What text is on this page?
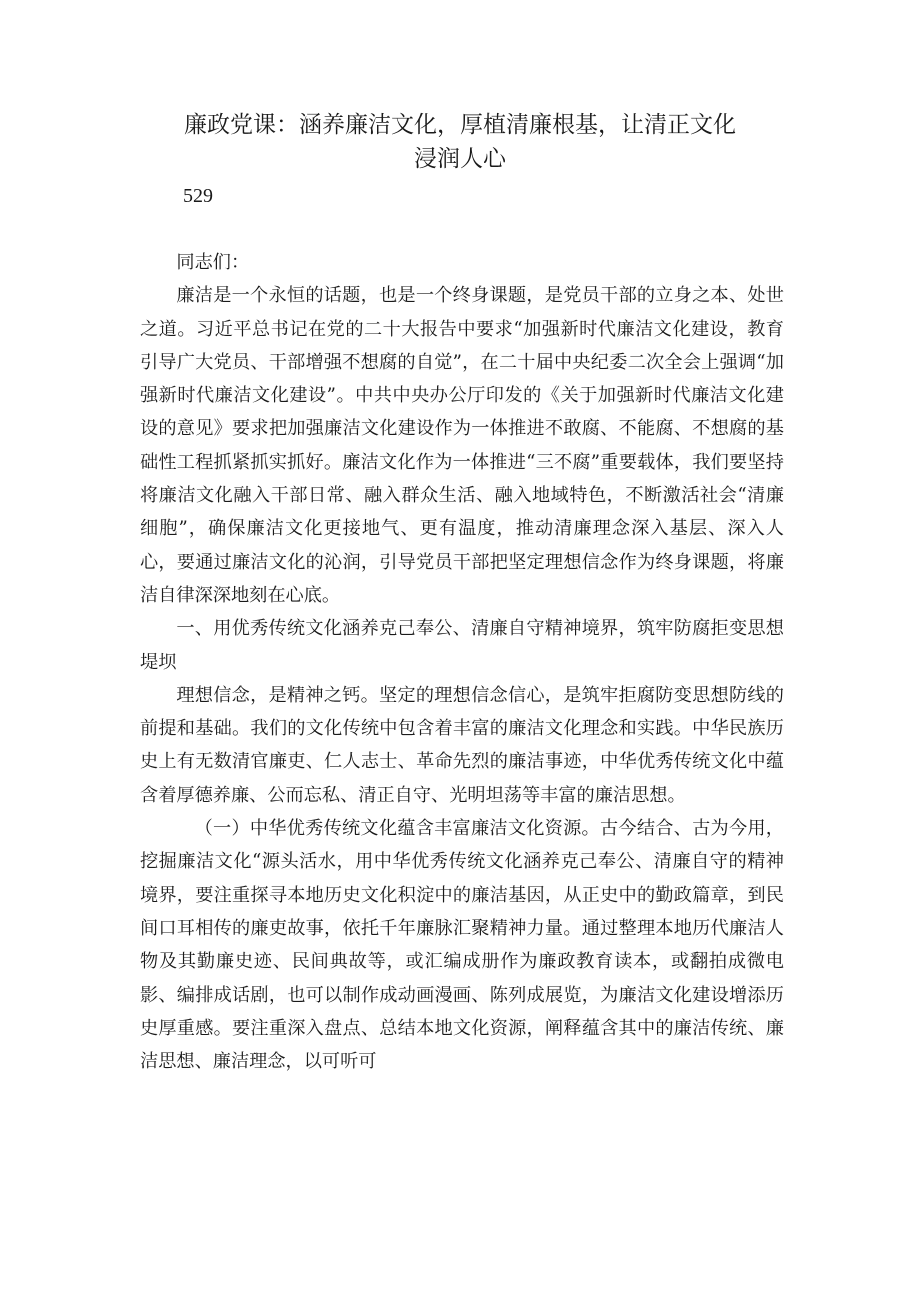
廉政党课：涵养廉洁文化，厚植清廉根基，让清正文化
浸润人心
529

同志们：

廉洁是一个永恒的话题，也是一个终身课题，是党员干部的立身之本、处世之道。习近平总书记在党的二十大报告中要求“加强新时代廉洁文化建设，教育引导广大党员、干部增强不想腐的自觉”，在二十届中央纪委二次全会上强调“加强新时代廉洁文化建设”。中共中央办公厅印发的《关于加强新时代廉洁文化建设的意见》要求把加强廉洁文化建设作为一体推进不敢腐、不能腐、不想腐的基础性工程抓紧抓实抓好。廉洁文化作为一体推进“三不腐”重要载体，我们要坚持将廉洁文化融入干部日常、融入群众生活、融入地域特色，不断激活社会“清廉细胞”，确保廉洁文化更接地气、更有温度，推动清廉理念深入基层、深入人心，要通过廉洁文化的沁润，引导党员干部把坚定理想信念作为终身课题，将廉洁自律深深地刻在心底。

一、用优秀传统文化涵养克己奉公、清廉自守精神境界，筑牢防腐拒变思想堤坝

理想信念，是精神之钙。坚定的理想信念信心，是筑牢拒腐防变思想防线的前提和基础。我们的文化传统中包含着丰富的廉洁文化理念和实践。中华民族历史上有无数清官廉吏、仁人志士、革命先烈的廉洁事迹，中华优秀传统文化中蕴含着厚德养廉、公而忘私、清正自守、光明坦荡等丰富的廉洁思想。

（一）中华优秀传统文化蕴含丰富廉洁文化资源。古今结合、古为今用，挖掘廉洁文化“源头活水，用中华优秀传统文化涵养克己奉公、清廉自守的精神境界，要注重探寻本地历史文化积淀中的廉洁基因，从正史中的勤政篇章，到民间口耳相传的廉吏故事，依托千年廉脉汇聚精神力量。通过整理本地历代廉洁人物及其勤廉史迹、民间典故等，或汇编成册作为廉政教育读本，或翻拍成微电影、编排成话剧，也可以制作成动画漫画、陈列成展览，为廉洁文化建设增添历史厚重感。要注重深入盘点、总结本地文化资源，阐释蕴含其中的廉洁传统、廉洁思想、廉洁理念，以可听可
